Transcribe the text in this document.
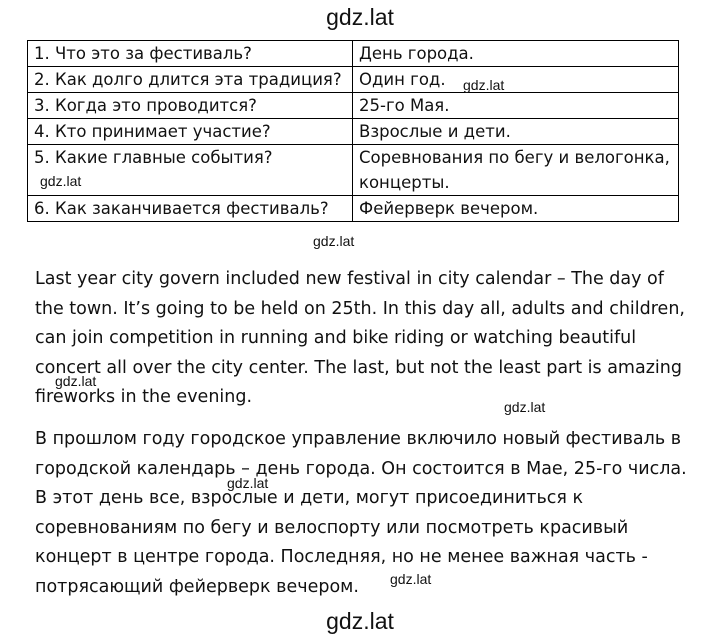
gdz.lat
1. Что это за фестиваль?	День города.
2. Как долго длится эта традиция?	Один год.
3. Когда это проводится?	25-го Мая.
4. Кто принимает участие?	Взрослые и дети.
5. Какие главные события?	Соревнования по бегу и велогонка, концерты.
6. Как заканчивается фестиваль?	Фейерверк вечером.

Last year city govern included new festival in city calendar – The day of the town. It’s going to be held on 25th. In this day all, adults and children, can join competition in running and bike riding or watching beautiful concert all over the city center. The last, but not the least part is amazing fireworks in the evening.

В прошлом году городское управление включило новый фестиваль в городской календарь – день города. Он состоится в Мае, 25-го числа. В этот день все, взрослые и дети, могут присоединиться к соревнованиям по бегу и велоспорту или посмотреть красивый концерт в центре города. Последняя, но не менее важная часть - потрясающий фейерверк вечером.

gdz.lat
gdz.lat
gdz.lat
gdz.lat
gdz.lat
gdz.lat
gdz.lat
gdz.lat
